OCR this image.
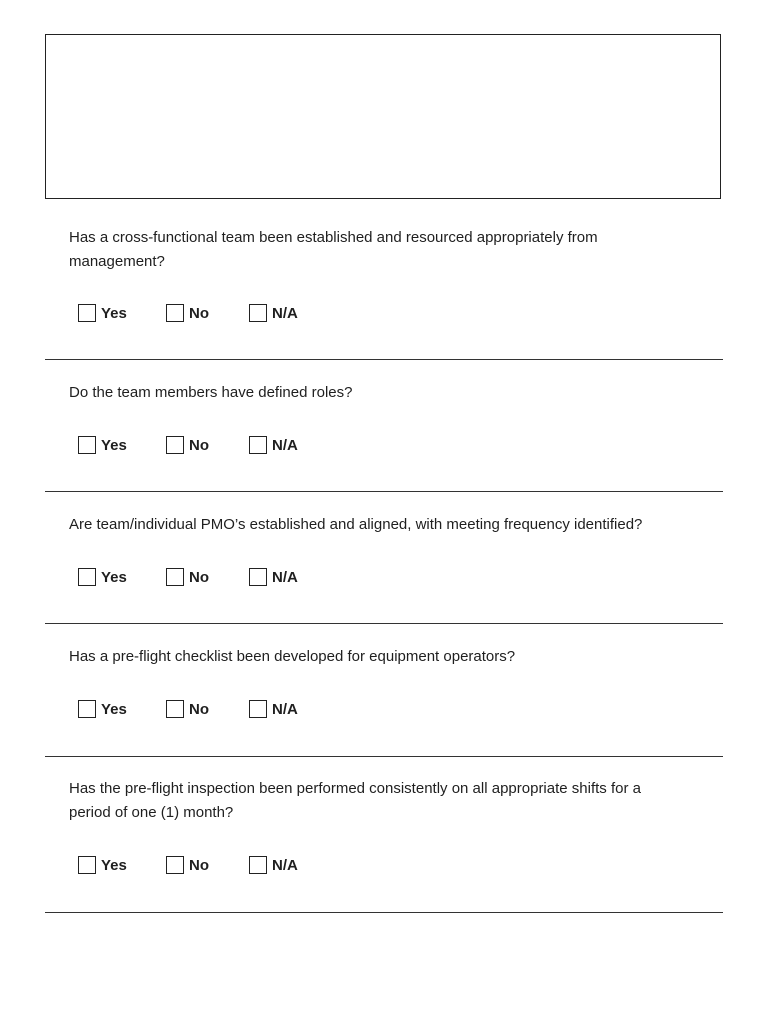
Has a cross-functional team been established and resourced appropriately from management?

Yes	No	N/A

Do the team members have defined roles?

Yes	No	N/A

Are team/individual PMO’s established and aligned, with meeting frequency identified?

Yes	No	N/A

Has a pre-flight checklist been developed for equipment operators?

Yes	No	N/A

Has the pre-flight inspection been performed consistently on all appropriate shifts for a period of one (1) month?

Yes	No	N/A
